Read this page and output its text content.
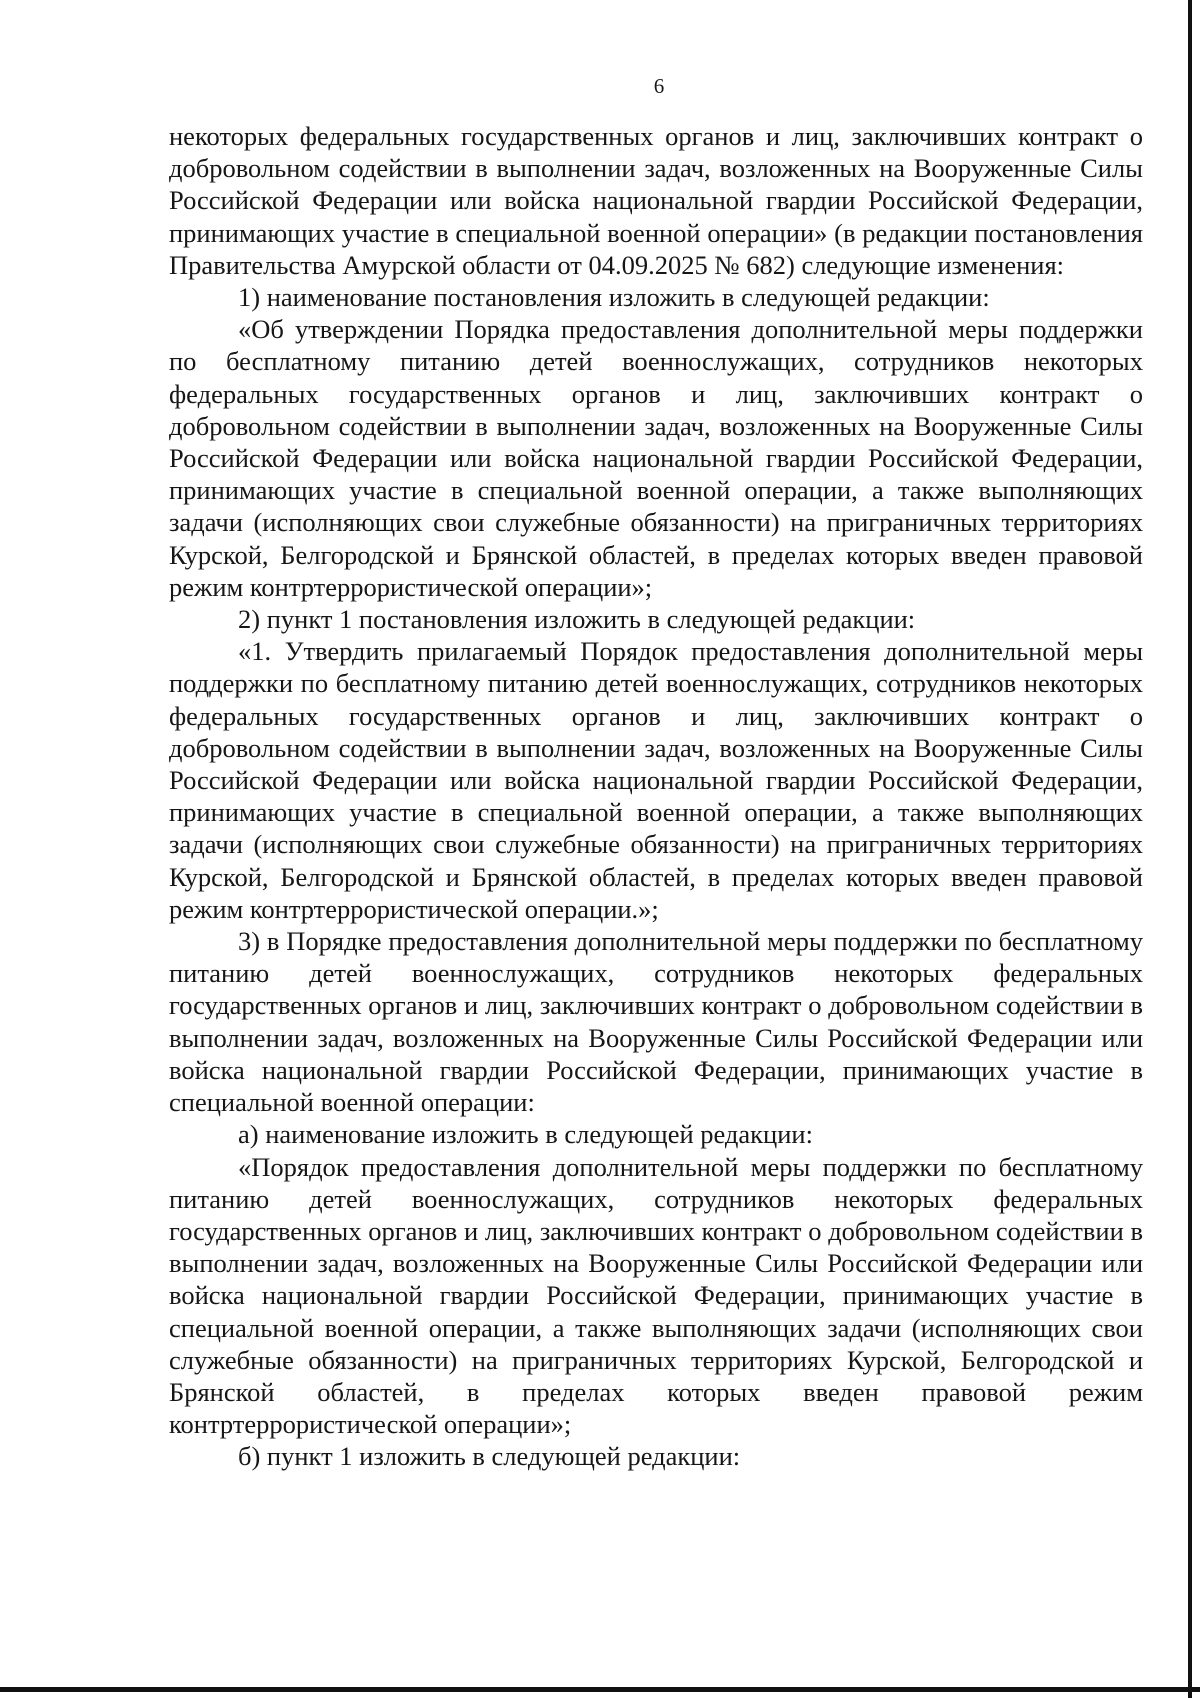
6

некоторых федеральных государственных органов и лиц, заключивших контракт о добровольном содействии в выполнении задач, возложенных на Вооруженные Силы Российской Федерации или войска национальной гвардии Российской Федерации, принимающих участие в специальной военной операции» (в редакции постановления Правительства Амурской области от 04.09.2025 № 682) следующие изменения:

1) наименование постановления изложить в следующей редакции:

«Об утверждении Порядка предоставления дополнительной меры поддержки по бесплатному питанию детей военнослужащих, сотрудников некоторых федеральных государственных органов и лиц, заключивших контракт о добровольном содействии в выполнении задач, возложенных на Вооруженные Силы Российской Федерации или войска национальной гвардии Российской Федерации, принимающих участие в специальной военной операции, а также выполняющих задачи (исполняющих свои служебные обязанности) на приграничных территориях Курской, Белгородской и Брянской областей, в пределах которых введен правовой режим контртеррористической операции»;

2) пункт 1 постановления изложить в следующей редакции:

«1. Утвердить прилагаемый Порядок предоставления дополнительной меры поддержки по бесплатному питанию детей военнослужащих, сотрудников некоторых федеральных государственных органов и лиц, заключивших контракт о добровольном содействии в выполнении задач, возложенных на Вооруженные Силы Российской Федерации или войска национальной гвардии Российской Федерации, принимающих участие в специальной военной операции, а также выполняющих задачи (исполняющих свои служебные обязанности) на приграничных территориях Курской, Белгородской и Брянской областей, в пределах которых введен правовой режим контртеррористической операции.»;

3) в Порядке предоставления дополнительной меры поддержки по бесплатному питанию детей военнослужащих, сотрудников некоторых федеральных государственных органов и лиц, заключивших контракт о добровольном содействии в выполнении задач, возложенных на Вооруженные Силы Российской Федерации или войска национальной гвардии Российской Федерации, принимающих участие в специальной военной операции:

а) наименование изложить в следующей редакции:

«Порядок предоставления дополнительной меры поддержки по бесплатному питанию детей военнослужащих, сотрудников некоторых федеральных государственных органов и лиц, заключивших контракт о добровольном содействии в выполнении задач, возложенных на Вооруженные Силы Российской Федерации или войска национальной гвардии Российской Федерации, принимающих участие в специальной военной операции, а также выполняющих задачи (исполняющих свои служебные обязанности) на приграничных территориях Курской, Белгородской и Брянской областей, в пределах которых введен правовой режим контртеррористической операции»;

б) пункт 1 изложить в следующей редакции:
